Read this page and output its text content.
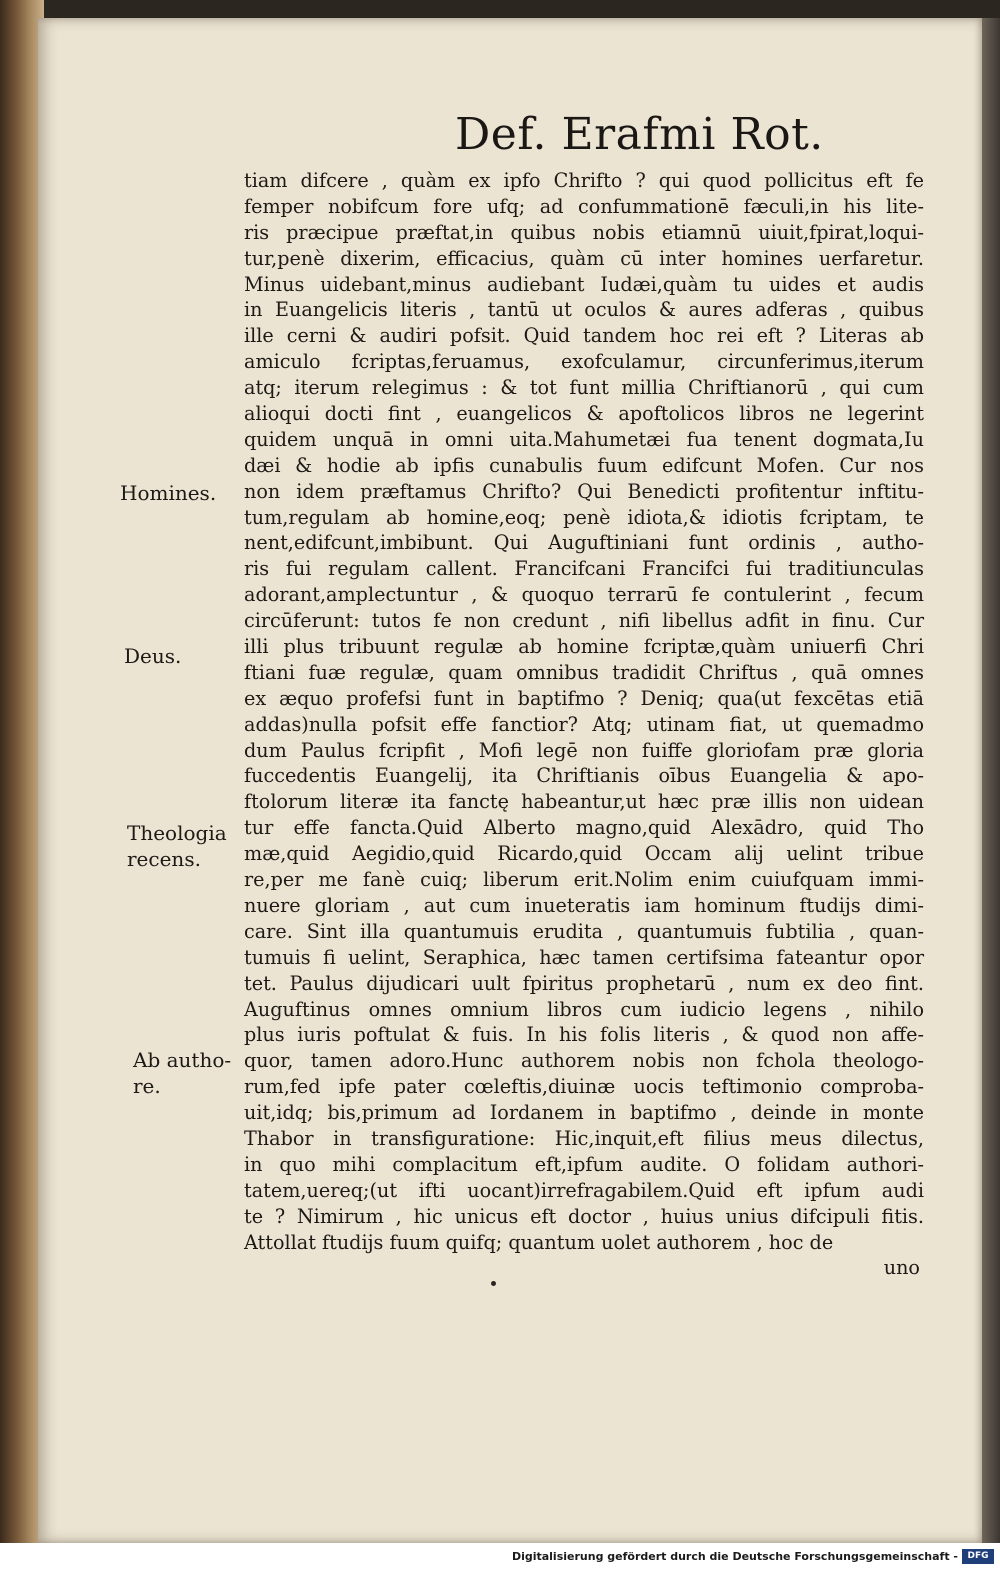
Def. Erafmi Rot.
tiam difcere , quàm ex ipfo Chrifto ? qui quod pollicitus eft fe
femper nobifcum fore ufq; ad confummationē fæculi,in his lite-
ris præcipue præftat,in quibus nobis etiamnū uiuit,fpirat,loqui-
tur,penè dixerim, efficacius, quàm cū inter homines uerfaretur.
Minus uidebant,minus audiebant Iudæi,quàm tu uides et audis
in Euangelicis literis , tantū ut oculos & aures adferas , quibus
ille cerni & audiri pofsit. Quid tandem hoc rei eft ? Literas ab
amiculo fcriptas,feruamus, exofculamur, circunferimus,iterum
atq; iterum relegimus : & tot funt millia Chriftianorū , qui cum
alioqui docti fint , euangelicos & apoftolicos libros ne legerint
quidem unquā in omni uita.Mahumetæi fua tenent dogmata,Iu
dæi & hodie ab ipfis cunabulis fuum edifcunt Mofen. Cur nos
non idem præftamus Chrifto? Qui Benedicti profitentur inftitu-
tum,regulam ab homine,eoq; penè idiota,& idiotis fcriptam, te
nent,edifcunt,imbibunt. Qui Auguftiniani funt ordinis , autho-
ris fui regulam callent. Francifcani Francifci fui traditiunculas
adorant,amplectuntur , & quoquo terrarū fe contulerint , fecum
circūferunt: tutos fe non credunt , nifi libellus adfit in finu. Cur
illi plus tribuunt regulæ ab homine fcriptæ,quàm uniuerfi Chri
ftiani fuæ regulæ, quam omnibus tradidit Chriftus , quā omnes
ex æquo profefsi funt in baptifmo ? Deniq; qua(ut fexcētas etiā
addas)nulla pofsit effe fanctior? Atq; utinam fiat, ut quemadmo
dum Paulus fcripfit , Mofi legē non fuiffe gloriofam præ gloria
fuccedentis Euangelij, ita Chriftianis oībus Euangelia & apo-
ftolorum literæ ita fanctę habeantur,ut hæc præ illis non uidean
tur effe fancta.Quid Alberto magno,quid Alexādro, quid Tho
mæ,quid Aegidio,quid Ricardo,quid Occam alij uelint tribue
re,per me fanè cuiq; liberum erit.Nolim enim cuiufquam immi-
nuere gloriam , aut cum inueteratis iam hominum ftudijs dimi-
care. Sint illa quantumuis erudita , quantumuis fubtilia , quan-
tumuis fi uelint, Seraphica, hæc tamen certifsima fateantur opor
tet. Paulus dijudicari uult fpiritus prophetarū , num ex deo fint.
Auguftinus omnes omnium libros cum iudicio legens , nihilo
plus iuris poftulat & fuis. In his folis literis , & quod non affe-
quor, tamen adoro.Hunc authorem nobis non fchola theologo-
rum,fed ipfe pater cœleftis,diuinæ uocis teftimonio comproba-
uit,idq; bis,primum ad Iordanem in baptifmo , deinde in monte
Thabor in transfiguratione: Hic,inquit,eft filius meus dilectus,
in quo mihi complacitum eft,ipfum audite. O folidam authori-
tatem,uereq;(ut ifti uocant)irrefragabilem.Quid eft ipfum audi
te ? Nimirum , hic unicus eft doctor , huius unius difcipuli fitis.
Attollat ftudijs fuum quifq; quantum uolet authorem , hoc de
uno
Homines.
Deus.
Theologia
recens.
Ab autho-
re.
Digitalisierung gefördert durch die Deutsche Forschungsgemeinschaft -	DFG
